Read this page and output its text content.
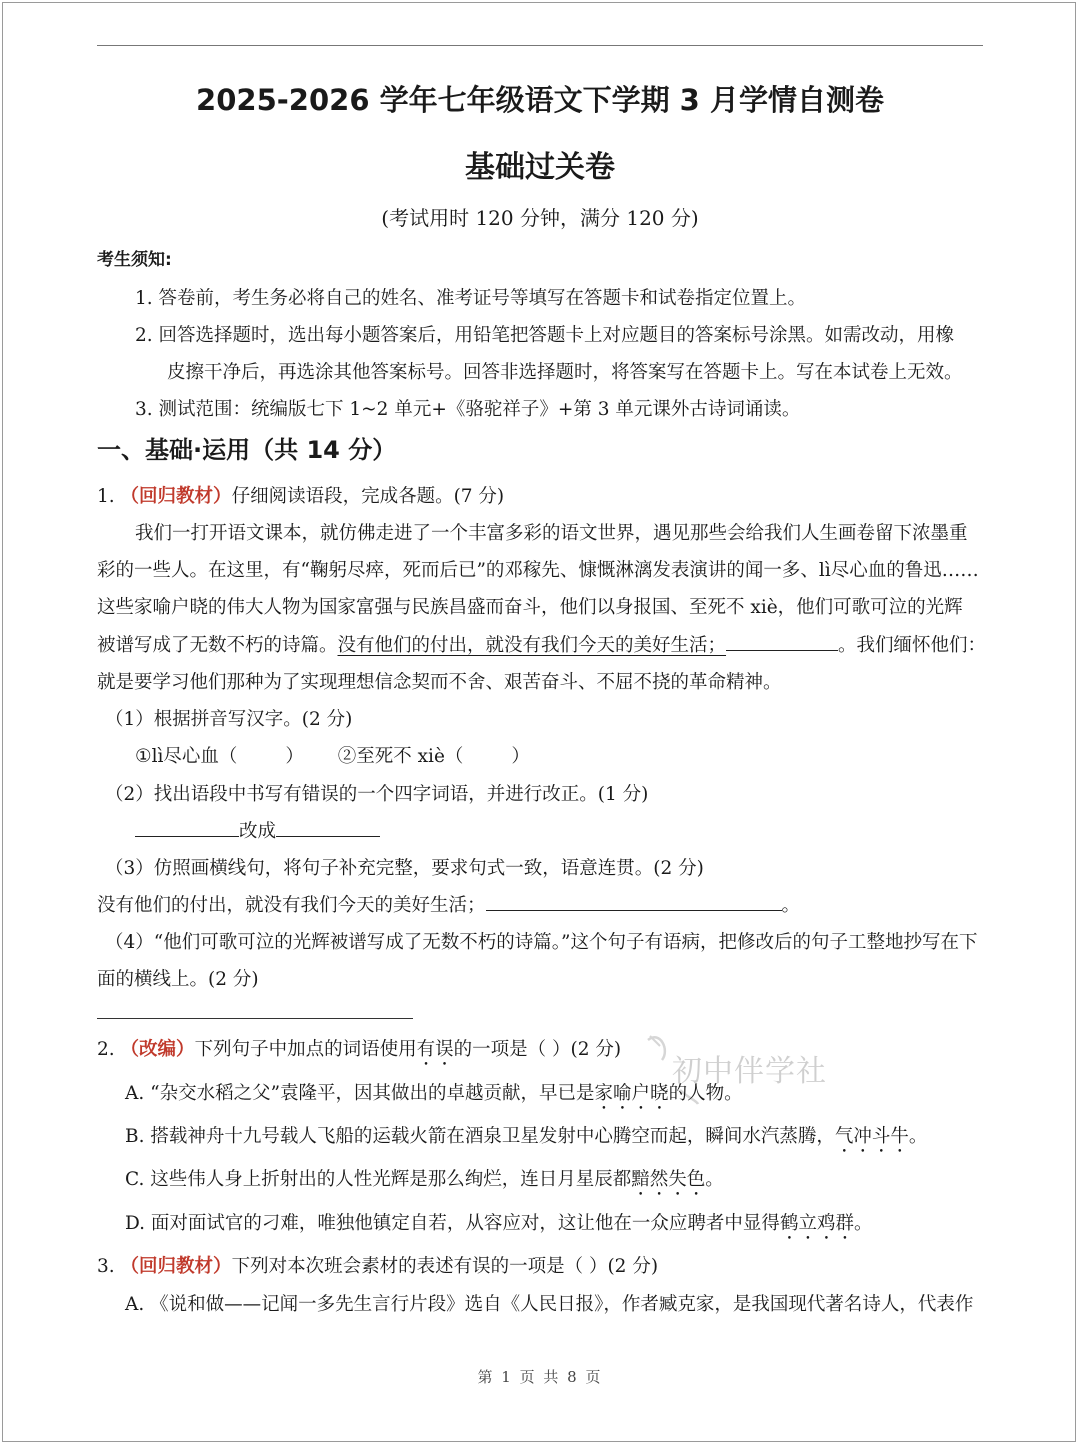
2025-2026 学年七年级语文下学期 3 月学情自测卷
基础过关卷
(考试用时 120 分钟，满分 120 分)
考生须知:
1. 答卷前，考生务必将自己的姓名、准考证号等填写在答题卡和试卷指定位置上。
2. 回答选择题时，选出每小题答案后，用铅笔把答题卡上对应题目的答案标号涂黑。如需改动，用橡
皮擦干净后，再选涂其他答案标号。回答非选择题时，将答案写在答题卡上。写在本试卷上无效。
3. 测试范围：统编版七下 1~2 单元+《骆驼祥子》+第 3 单元课外古诗词诵读。
一、基础·运用（共 14 分）
1. （回归教材）仔细阅读语段，完成各题。(7 分)
我们一打开语文课本，就仿佛走进了一个丰富多彩的语文世界，遇见那些会给我们人生画卷留下浓墨重
彩的一些人。在这里，有“鞠躬尽瘁，死而后已”的邓稼先、慷慨淋漓发表演讲的闻一多、lì尽心血的鲁迅……
这些家喻户晓的伟大人物为国家富强与民族昌盛而奋斗，他们以身报国、至死不 xiè，他们可歌可泣的光辉
被谱写成了无数不朽的诗篇。没有他们的付出，就没有我们今天的美好生活；	。我们缅怀他们：
就是要学习他们那种为了实现理想信念契而不舍、艰苦奋斗、不屈不挠的革命精神。
（1）根据拼音写汉字。(2 分)
①lì尽心血（	） ②至死不 xiè（	）
（2）找出语段中书写有错误的一个四字词语，并进行改正。(1 分)
改成
（3）仿照画横线句，将句子补充完整，要求句式一致，语意连贯。(2 分)
没有他们的付出，就没有我们今天的美好生活；	。
（4）“他们可歌可泣的光辉被谱写成了无数不朽的诗篇。”这个句子有语病，把修改后的句子工整地抄写在下
面的横线上。(2 分)
2. （改编）下列句子中加点的词语使用有误的一项是（ ）(2 分)
初中伴学社
A. “杂交水稻之父”袁隆平，因其做出的卓越贡献，早已是家喻户晓的人物。
B. 搭载神舟十九号载人飞船的运载火箭在酒泉卫星发射中心腾空而起，瞬间水汽蒸腾，气冲斗牛。
C. 这些伟人身上折射出的人性光辉是那么绚烂，连日月星辰都黯然失色。
D. 面对面试官的刁难，唯独他镇定自若，从容应对，这让他在一众应聘者中显得鹤立鸡群。
3. （回归教材）下列对本次班会素材的表述有误的一项是（ ）(2 分)
A. 《说和做——记闻一多先生言行片段》选自《人民日报》，作者臧克家，是我国现代著名诗人，代表作
第 1 页 共 8 页
